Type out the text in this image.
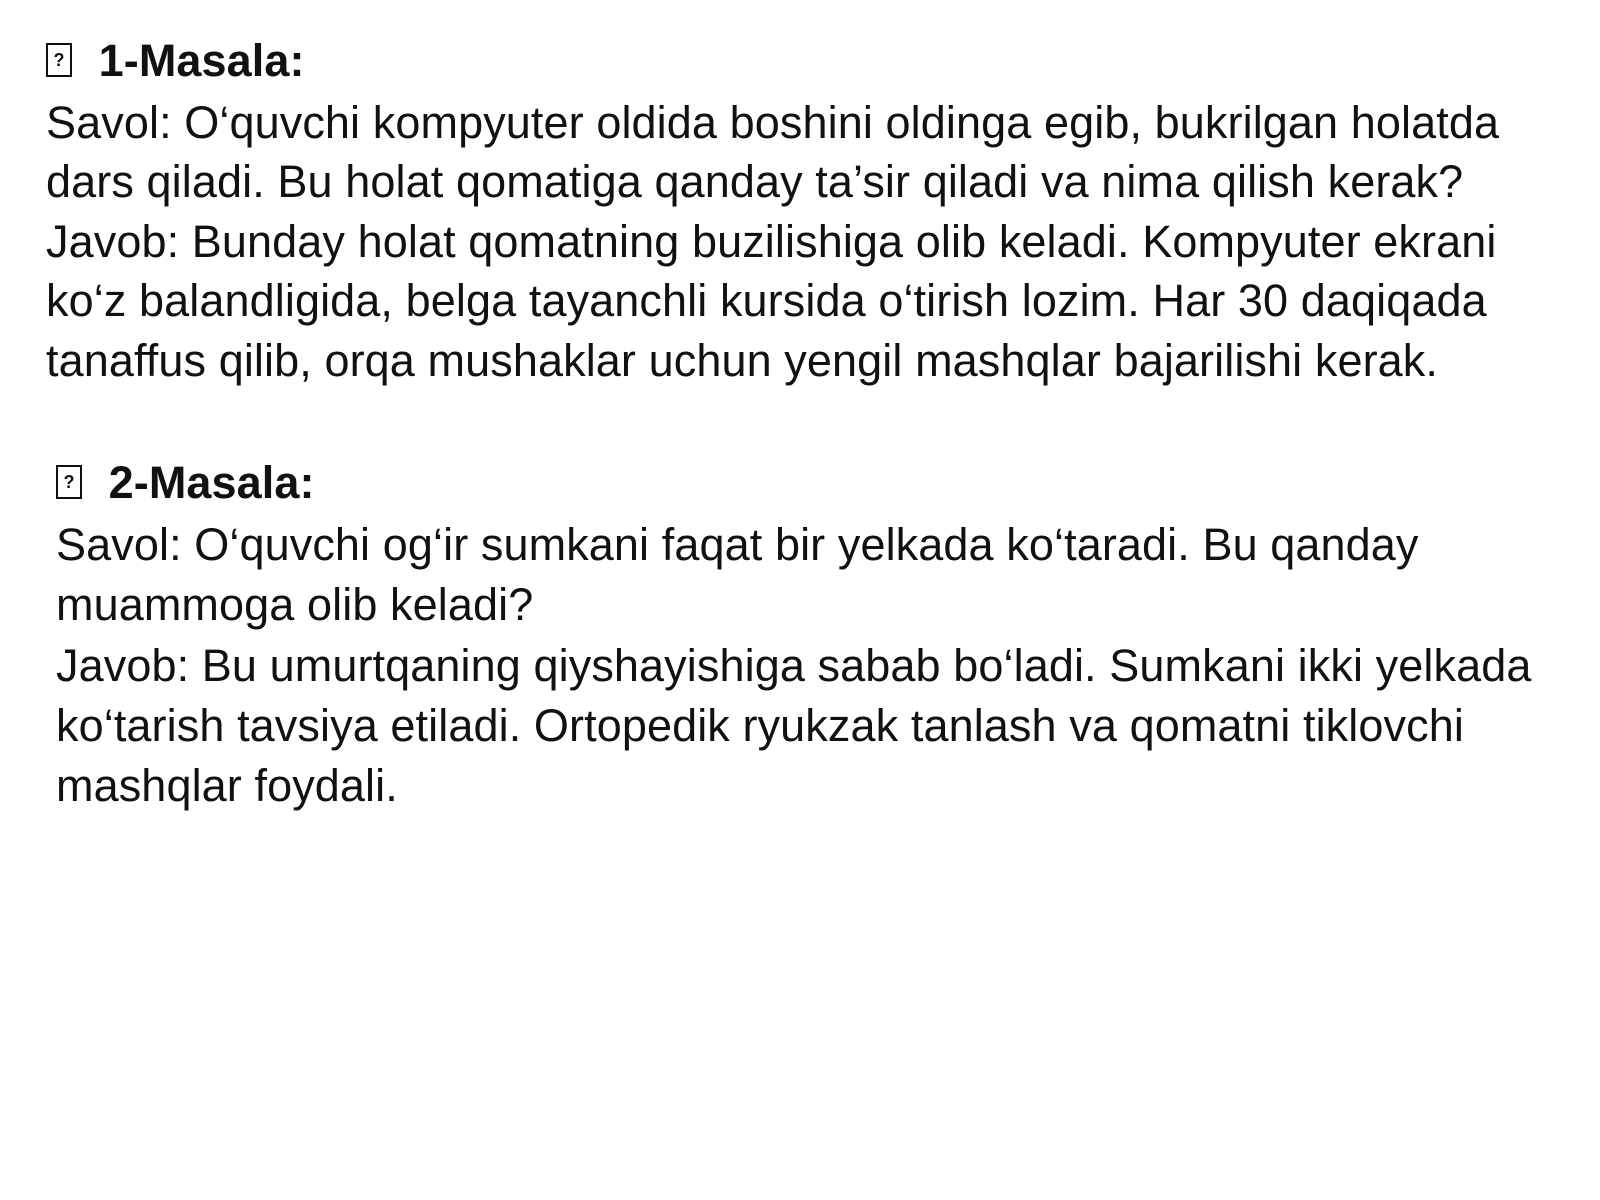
? 1-Masala:

Savol: O‘quvchi kompyuter oldida boshini oldinga egib, bukrilgan holatda dars qiladi. Bu holat qomatiga qanday ta’sir qiladi va nima qilish kerak?

Javob: Bunday holat qomatning buzilishiga olib keladi. Kompyuter ekrani ko‘z balandligida, belga tayanchli kursida o‘tirish lozim. Har 30 daqiqada tanaffus qilib, orqa mushaklar uchun yengil mashqlar bajarilishi kerak.

? 2-Masala:

Savol: O‘quvchi og‘ir sumkani faqat bir yelkada ko‘taradi. Bu qanday muammoga olib keladi?

Javob: Bu umurtqaning qiyshayishiga sabab bo‘ladi. Sumkani ikki yelkada ko‘tarish tavsiya etiladi. Ortopedik ryukzak tanlash va qomatni tiklovchi mashqlar foydali.
